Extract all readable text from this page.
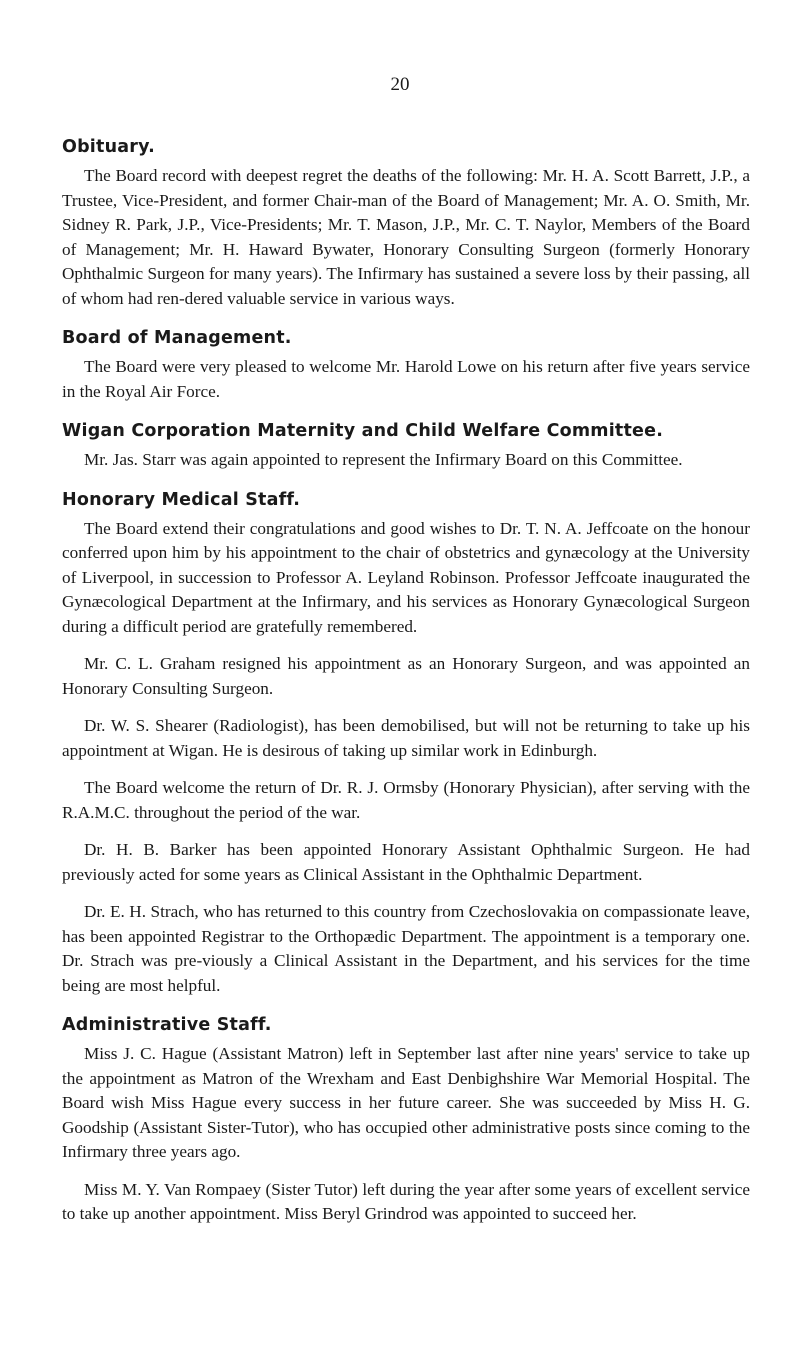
20
Obituary.

The Board record with deepest regret the deaths of the following: Mr. H. A. Scott Barrett, J.P., a Trustee, Vice-President, and former Chair-man of the Board of Management; Mr. A. O. Smith, Mr. Sidney R. Park, J.P., Vice-Presidents; Mr. T. Mason, J.P., Mr. C. T. Naylor, Members of the Board of Management; Mr. H. Haward Bywater, Honorary Consulting Surgeon (formerly Honorary Ophthalmic Surgeon for many years). The Infirmary has sustained a severe loss by their passing, all of whom had ren-dered valuable service in various ways.

Board of Management.

The Board were very pleased to welcome Mr. Harold Lowe on his return after five years service in the Royal Air Force.

Wigan Corporation Maternity and Child Welfare Committee.

Mr. Jas. Starr was again appointed to represent the Infirmary Board on this Committee.

Honorary Medical Staff.

The Board extend their congratulations and good wishes to Dr. T. N. A. Jeffcoate on the honour conferred upon him by his appointment to the chair of obstetrics and gynæcology at the University of Liverpool, in succession to Professor A. Leyland Robinson. Professor Jeffcoate inaugurated the Gynæcological Department at the Infirmary, and his services as Honorary Gynæcological Surgeon during a difficult period are gratefully remembered.

Mr. C. L. Graham resigned his appointment as an Honorary Surgeon, and was appointed an Honorary Consulting Surgeon.

Dr. W. S. Shearer (Radiologist), has been demobilised, but will not be returning to take up his appointment at Wigan. He is desirous of taking up similar work in Edinburgh.

The Board welcome the return of Dr. R. J. Ormsby (Honorary Physician), after serving with the R.A.M.C. throughout the period of the war.

Dr. H. B. Barker has been appointed Honorary Assistant Ophthalmic Surgeon. He had previously acted for some years as Clinical Assistant in the Ophthalmic Department.

Dr. E. H. Strach, who has returned to this country from Czechoslovakia on compassionate leave, has been appointed Registrar to the Orthopædic Department. The appointment is a temporary one. Dr. Strach was pre-viously a Clinical Assistant in the Department, and his services for the time being are most helpful.

Administrative Staff.

Miss J. C. Hague (Assistant Matron) left in September last after nine years' service to take up the appointment as Matron of the Wrexham and East Denbighshire War Memorial Hospital. The Board wish Miss Hague every success in her future career. She was succeeded by Miss H. G. Goodship (Assistant Sister-Tutor), who has occupied other administrative posts since coming to the Infirmary three years ago.

Miss M. Y. Van Rompaey (Sister Tutor) left during the year after some years of excellent service to take up another appointment. Miss Beryl Grindrod was appointed to succeed her.
